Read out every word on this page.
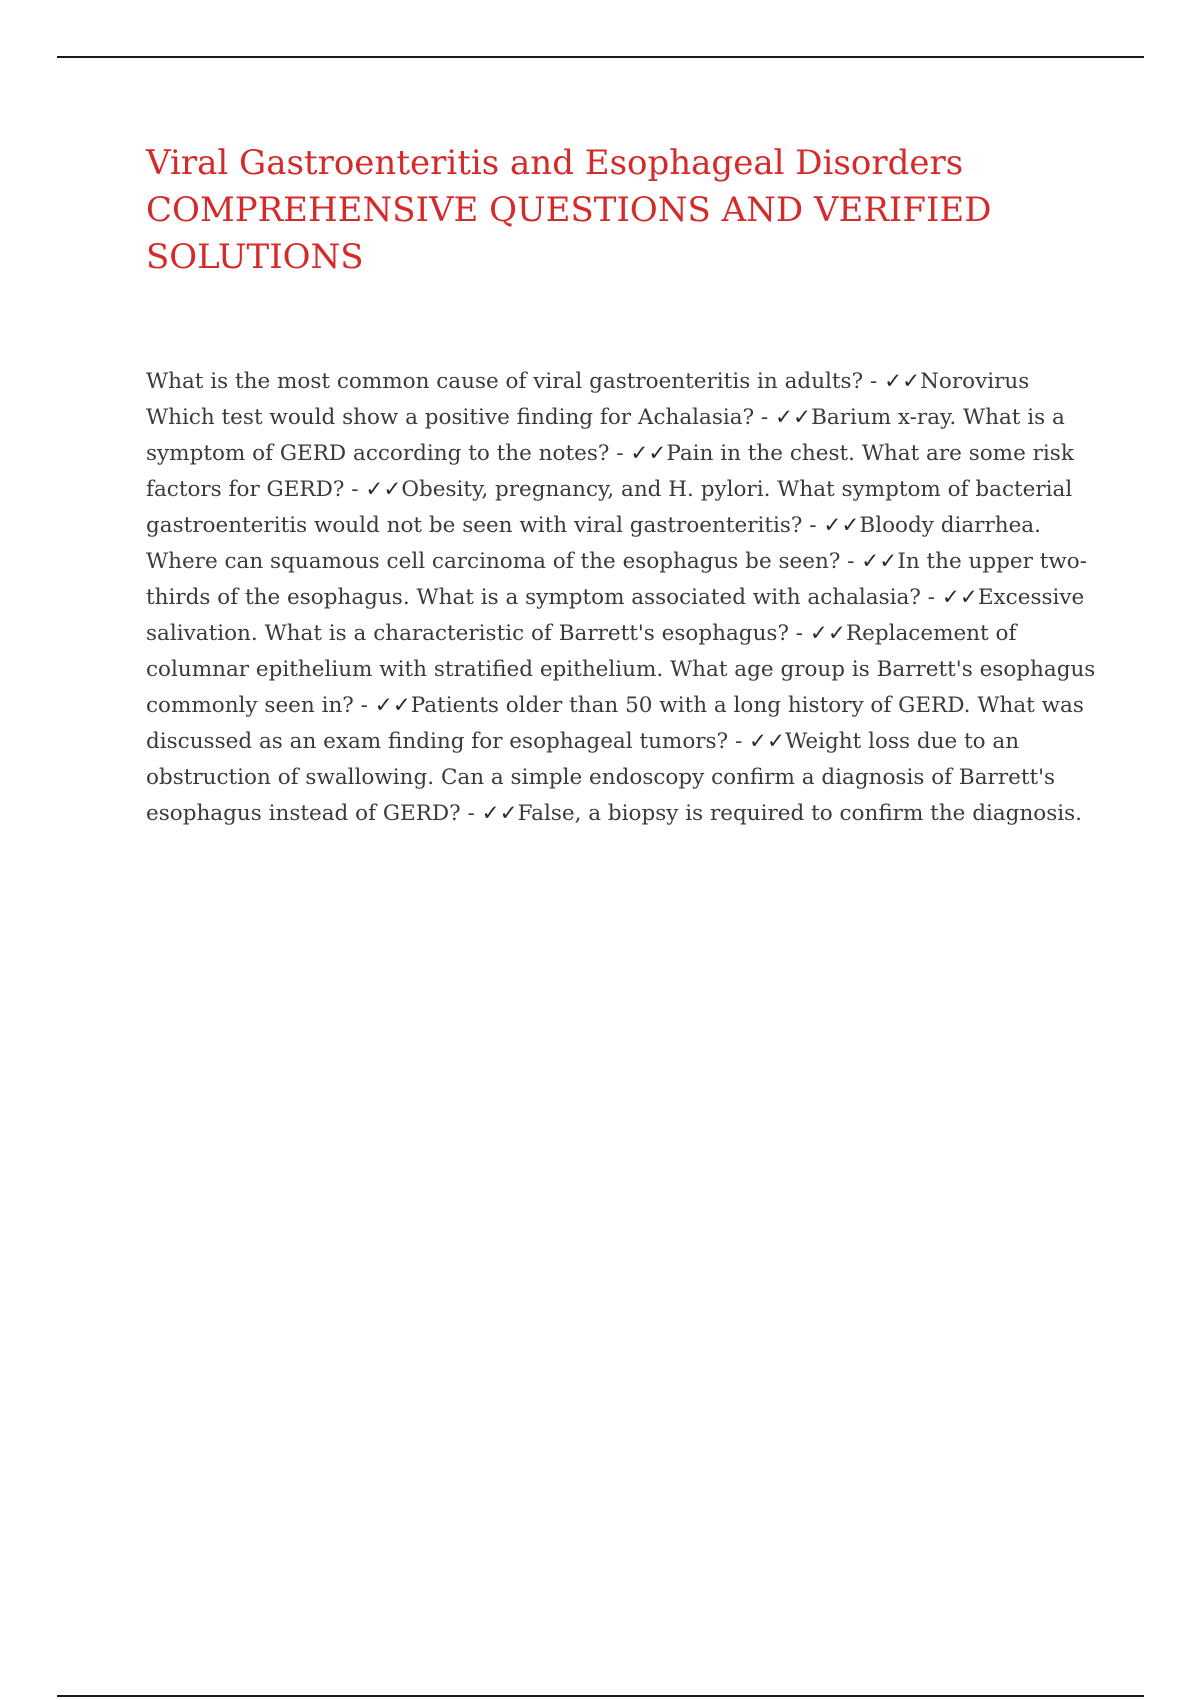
Viral Gastroenteritis and Esophageal Disorders
COMPREHENSIVE QUESTIONS AND VERIFIED
SOLUTIONS

What is the most common cause of viral gastroenteritis in adults? - ✓✓Norovirus Which test would show a positive finding for Achalasia? - ✓✓Barium x-ray. What is a symptom of GERD according to the notes? - ✓✓Pain in the chest. What are some risk factors for GERD? - ✓✓Obesity, pregnancy, and H. pylori. What symptom of bacterial gastroenteritis would not be seen with viral gastroenteritis? - ✓✓Bloody diarrhea. Where can squamous cell carcinoma of the esophagus be seen? - ✓✓In the upper two-thirds of the esophagus. What is a symptom associated with achalasia? - ✓✓Excessive salivation. What is a characteristic of Barrett's esophagus? - ✓✓Replacement of columnar epithelium with stratified epithelium. What age group is Barrett's esophagus commonly seen in? - ✓✓Patients older than 50 with a long history of GERD. What was discussed as an exam finding for esophageal tumors? - ✓✓Weight loss due to an obstruction of swallowing. Can a simple endoscopy confirm a diagnosis of Barrett's esophagus instead of GERD? - ✓✓False, a biopsy is required to confirm the diagnosis.
